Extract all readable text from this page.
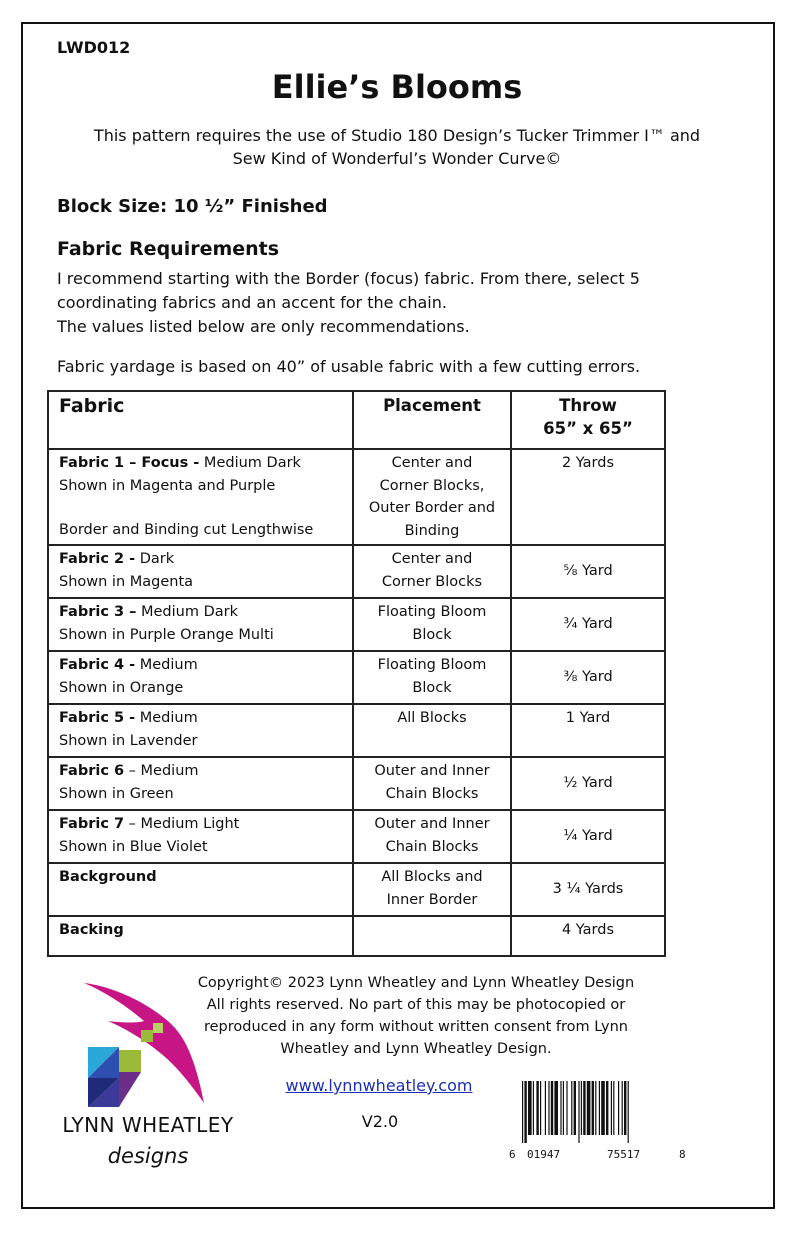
LWD012
Ellie’s Blooms
This pattern requires the use of Studio 180 Design’s Tucker Trimmer I™ and
Sew Kind of Wonderful’s Wonder Curve©
Block Size: 10 ½” Finished
Fabric Requirements
I recommend starting with the Border (focus) fabric. From there, select 5
coordinating fabrics and an accent for the chain.
The values listed below are only recommendations.
Fabric yardage is based on 40” of usable fabric with a few cutting errors.
Fabric	Placement	Throw
65” x 65”

Fabric 1 – Focus - Medium Dark
Shown in Magenta and Purple
Border and Binding cut Lengthwise	Center and
Corner Blocks,
Outer Border and
Binding	2 Yards

Fabric 2 - Dark
Shown in Magenta	Center and
Corner Blocks	⅝ Yard

Fabric 3 – Medium Dark
Shown in Purple Orange Multi	Floating Bloom
Block	¾ Yard

Fabric 4 - Medium
Shown in Orange	Floating Bloom
Block	⅜ Yard

Fabric 5 - Medium
Shown in Lavender	All Blocks	1 Yard

Fabric 6 – Medium
Shown in Green	Outer and Inner
Chain Blocks	½ Yard

Fabric 7 – Medium Light
Shown in Blue Violet	Outer and Inner
Chain Blocks	¼ Yard

Background	All Blocks and
Inner Border	3 ¼ Yards

Backing		4 Yards
LYNN WHEATLEY
designs
Copyright© 2023 Lynn Wheatley and Lynn Wheatley Design
All rights reserved. No part of this may be photocopied or
reproduced in any form without written consent from Lynn
Wheatley and Lynn Wheatley Design.
www.lynnwheatley.com
V2.0
6 01947	75517	8
